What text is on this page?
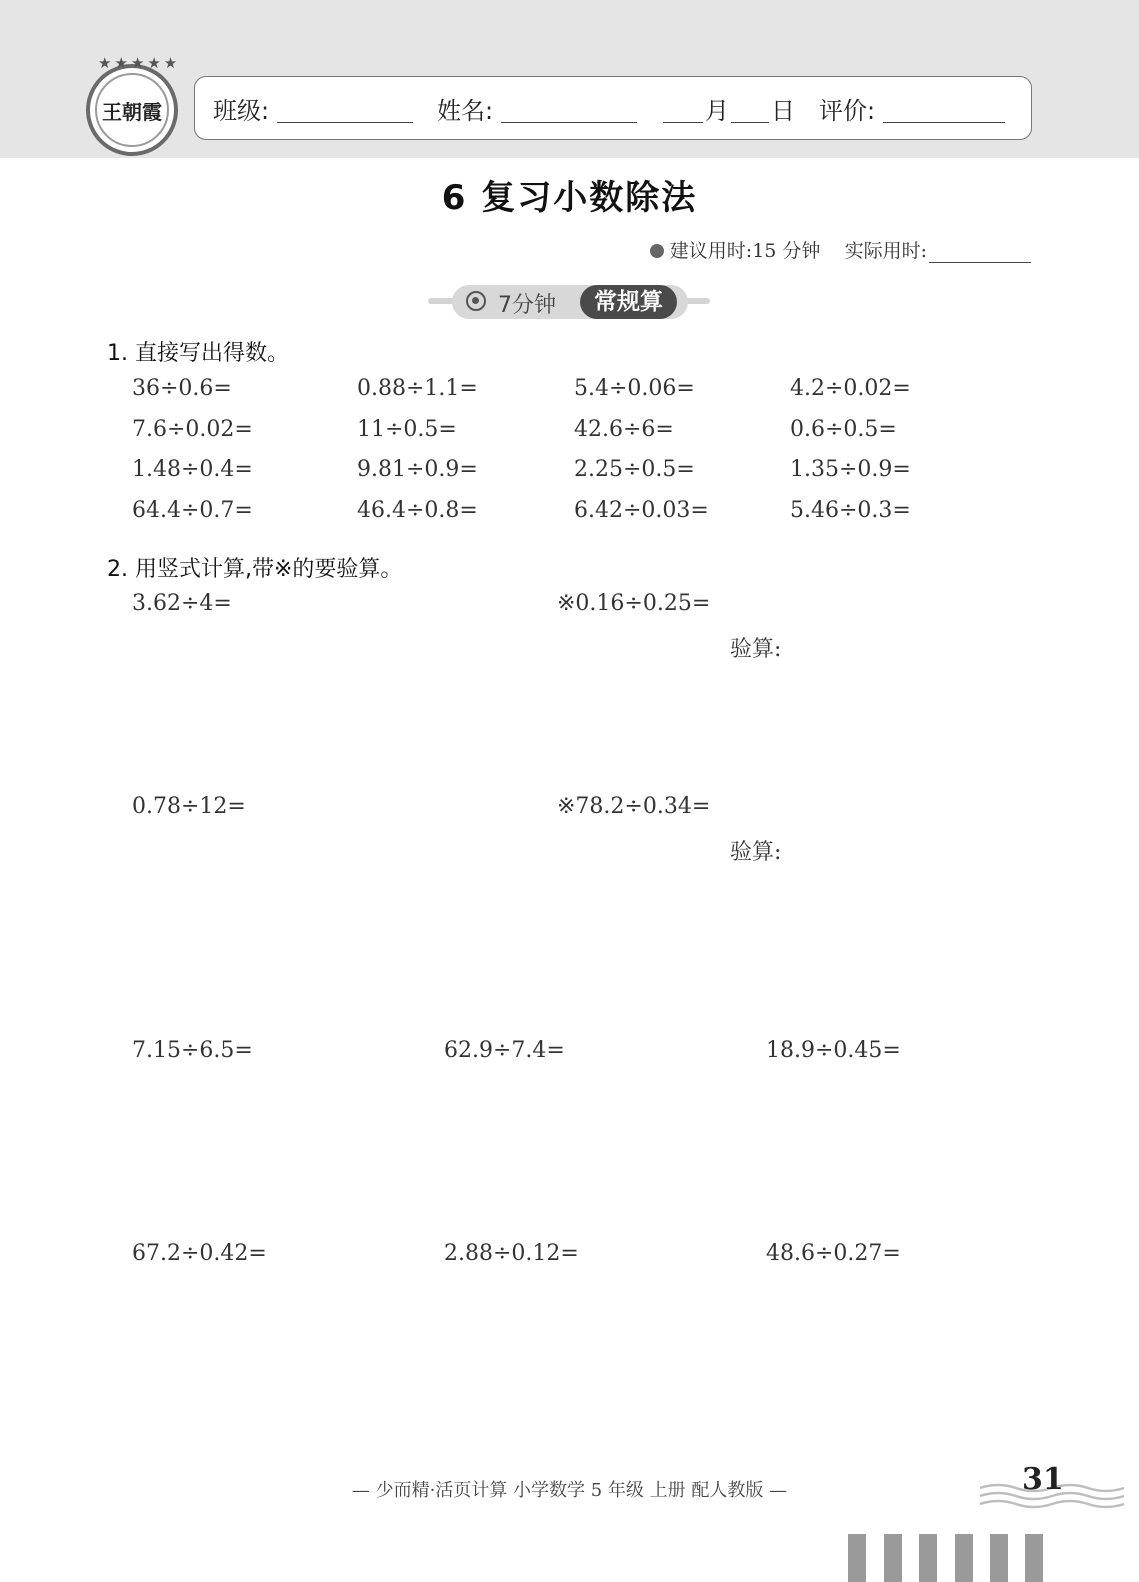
★★★★★
王朝霞 班级:	姓名:	月 日 评价:
6 复习小数除法
建议用时:15 分钟 实际用时:
7分钟	常规算
1. 直接写出得数。
36÷0.6=	0.88÷1.1=	5.4÷0.06=	4.2÷0.02=
7.6÷0.02=	11÷0.5=	42.6÷6=	0.6÷0.5=
1.48÷0.4=	9.81÷0.9=	2.25÷0.5=	1.35÷0.9=
64.4÷0.7=	46.4÷0.8=	6.42÷0.03=	5.46÷0.3=
2. 用竖式计算,带※的要验算。
3.62÷4=	※0.16÷0.25=
验算:
0.78÷12=	※78.2÷0.34=
验算:
7.15÷6.5=	62.9÷7.4=	18.9÷0.45=
67.2÷0.42=	2.88÷0.12=	48.6÷0.27=
— 少而精·活页计算 小学数学 5 年级 上册 配人教版 —	31
